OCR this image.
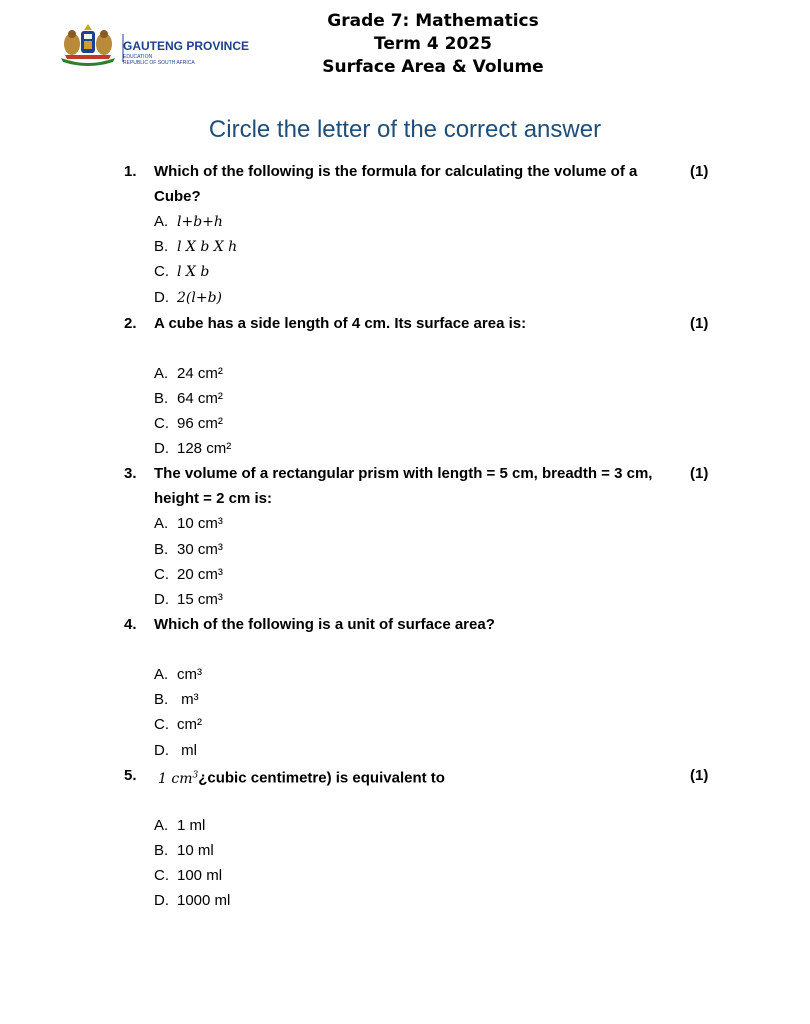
GAUTENG PROVINCE
EDUCATION
REPUBLIC OF SOUTH AFRICA
Grade 7: Mathematics
Term 4 2025
Surface Area & Volume
Circle the letter of the correct answer
1. Which of the following is the formula for calculating the volume of a
Cube?
(1)
A. l+b+h
B. l X b X h
C. l X b
D. 2(l+b)
2. A cube has a side length of 4 cm. Its surface area is:	(1)
A. 24 cm²
B. 64 cm²
C. 96 cm²
D. 128 cm²
3. The volume of a rectangular prism with length = 5 cm, breadth = 3 cm,
height = 2 cm is:
(1)
A. 10 cm³
B. 30 cm³
C. 20 cm³
D. 15 cm³
4. Which of the following is a unit of surface area?
A. cm³
B. m³
C. cm²
D. ml
5. 1 $cm^3¿cubic$ centimetre) is equivalent to	(1)
A. 1 ml
B. 10 ml
C. 100 ml
D. 1000 ml
